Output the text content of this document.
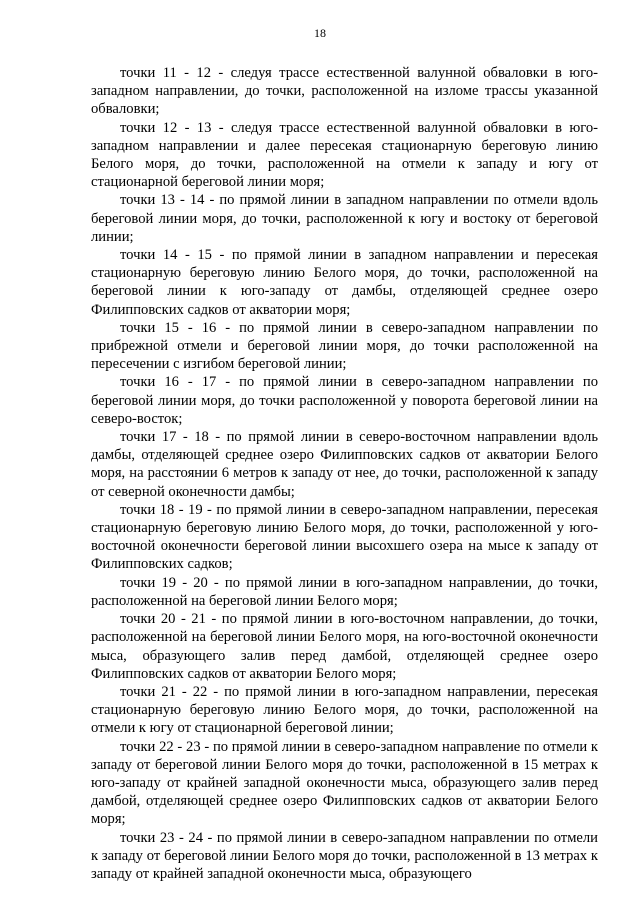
18

точки 11 - 12 - следуя трассе естественной валунной обваловки в юго-западном направлении, до точки, расположенной на изломе трассы указанной обваловки;

точки 12 - 13 - следуя трассе естественной валунной обваловки в юго-западном направлении и далее пересекая стационарную береговую линию Белого моря, до точки, расположенной на отмели к западу и югу от стационарной береговой линии моря;

точки 13 - 14 - по прямой линии в западном направлении по отмели вдоль береговой линии моря, до точки, расположенной к югу и востоку от береговой линии;

точки 14 - 15 - по прямой линии в западном направлении и пересекая стационарную береговую линию Белого моря, до точки, расположенной на береговой линии к юго-западу от дамбы, отделяющей среднее озеро Филипповских садков от акватории моря;

точки 15 - 16 - по прямой линии в северо-западном направлении по прибрежной отмели и береговой линии моря, до точки расположенной на пересечении с изгибом береговой линии;

точки 16 - 17 - по прямой линии в северо-западном направлении по береговой линии моря, до точки расположенной у поворота береговой линии на северо-восток;

точки 17 - 18 - по прямой линии в северо-восточном направлении вдоль дамбы, отделяющей среднее озеро Филипповских садков от акватории Белого моря, на расстоянии 6 метров к западу от нее, до точки, расположенной к западу от северной оконечности дамбы;

точки 18 - 19 - по прямой линии в северо-западном направлении, пересекая стационарную береговую линию Белого моря, до точки, расположенной у юго-восточной оконечности береговой линии высохшего озера на мысе к западу от Филипповских садков;

точки 19 - 20 - по прямой линии в юго-западном направлении, до точки, расположенной на береговой линии Белого моря;

точки 20 - 21 - по прямой линии в юго-восточном направлении, до точки, расположенной на береговой линии Белого моря, на юго-восточной оконечности мыса, образующего залив перед дамбой, отделяющей среднее озеро Филипповских садков от акватории Белого моря;

точки 21 - 22 - по прямой линии в юго-западном направлении, пересекая стационарную береговую линию Белого моря, до точки, расположенной на отмели к югу от стационарной береговой линии;

точки 22 - 23 - по прямой линии в северо-западном направление по отмели к западу от береговой линии Белого моря до точки, расположенной в 15 метрах к юго-западу от крайней западной оконечности мыса, образующего залив перед дамбой, отделяющей среднее озеро Филипповских садков от акватории Белого моря;

точки 23 - 24 - по прямой линии в северо-западном направлении по отмели к западу от береговой линии Белого моря до точки, расположенной в 13 метрах к западу от крайней западной оконечности мыса, образующего
